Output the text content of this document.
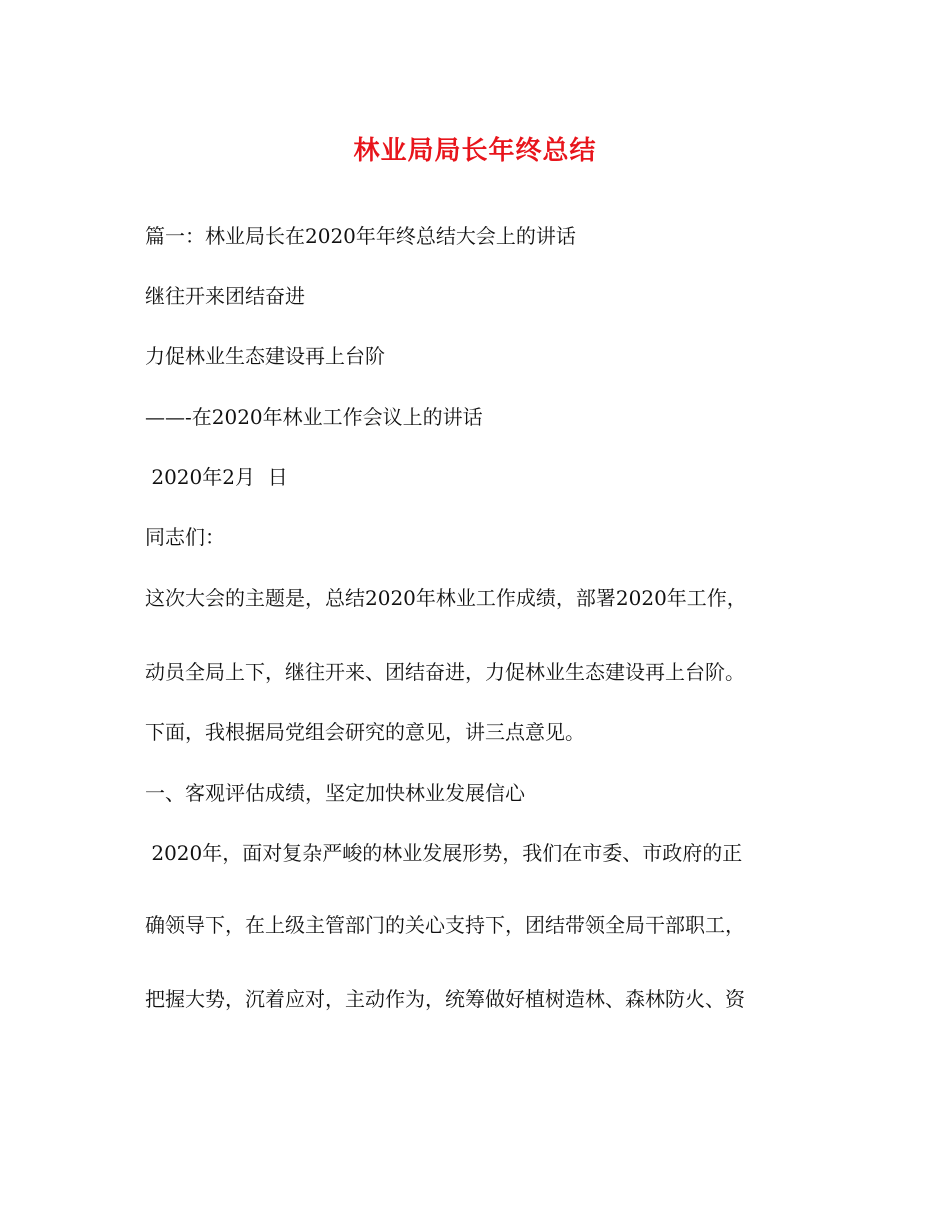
林业局局长年终总结
篇一：林业局长在2020年年终总结大会上的讲话
继往开来团结奋进
力促林业生态建设再上台阶
——-在2020年林业工作会议上的讲话
2020年2月  日
同志们：
这次大会的主题是，总结2020年林业工作成绩，部署2020年工作，
动员全局上下，继往开来、团结奋进，力促林业生态建设再上台阶。
下面，我根据局党组会研究的意见，讲三点意见。
一、客观评估成绩，坚定加快林业发展信心
2020年，面对复杂严峻的林业发展形势，我们在市委、市政府的正
确领导下，在上级主管部门的关心支持下，团结带领全局干部职工，
把握大势，沉着应对，主动作为，统筹做好植树造林、森林防火、资
